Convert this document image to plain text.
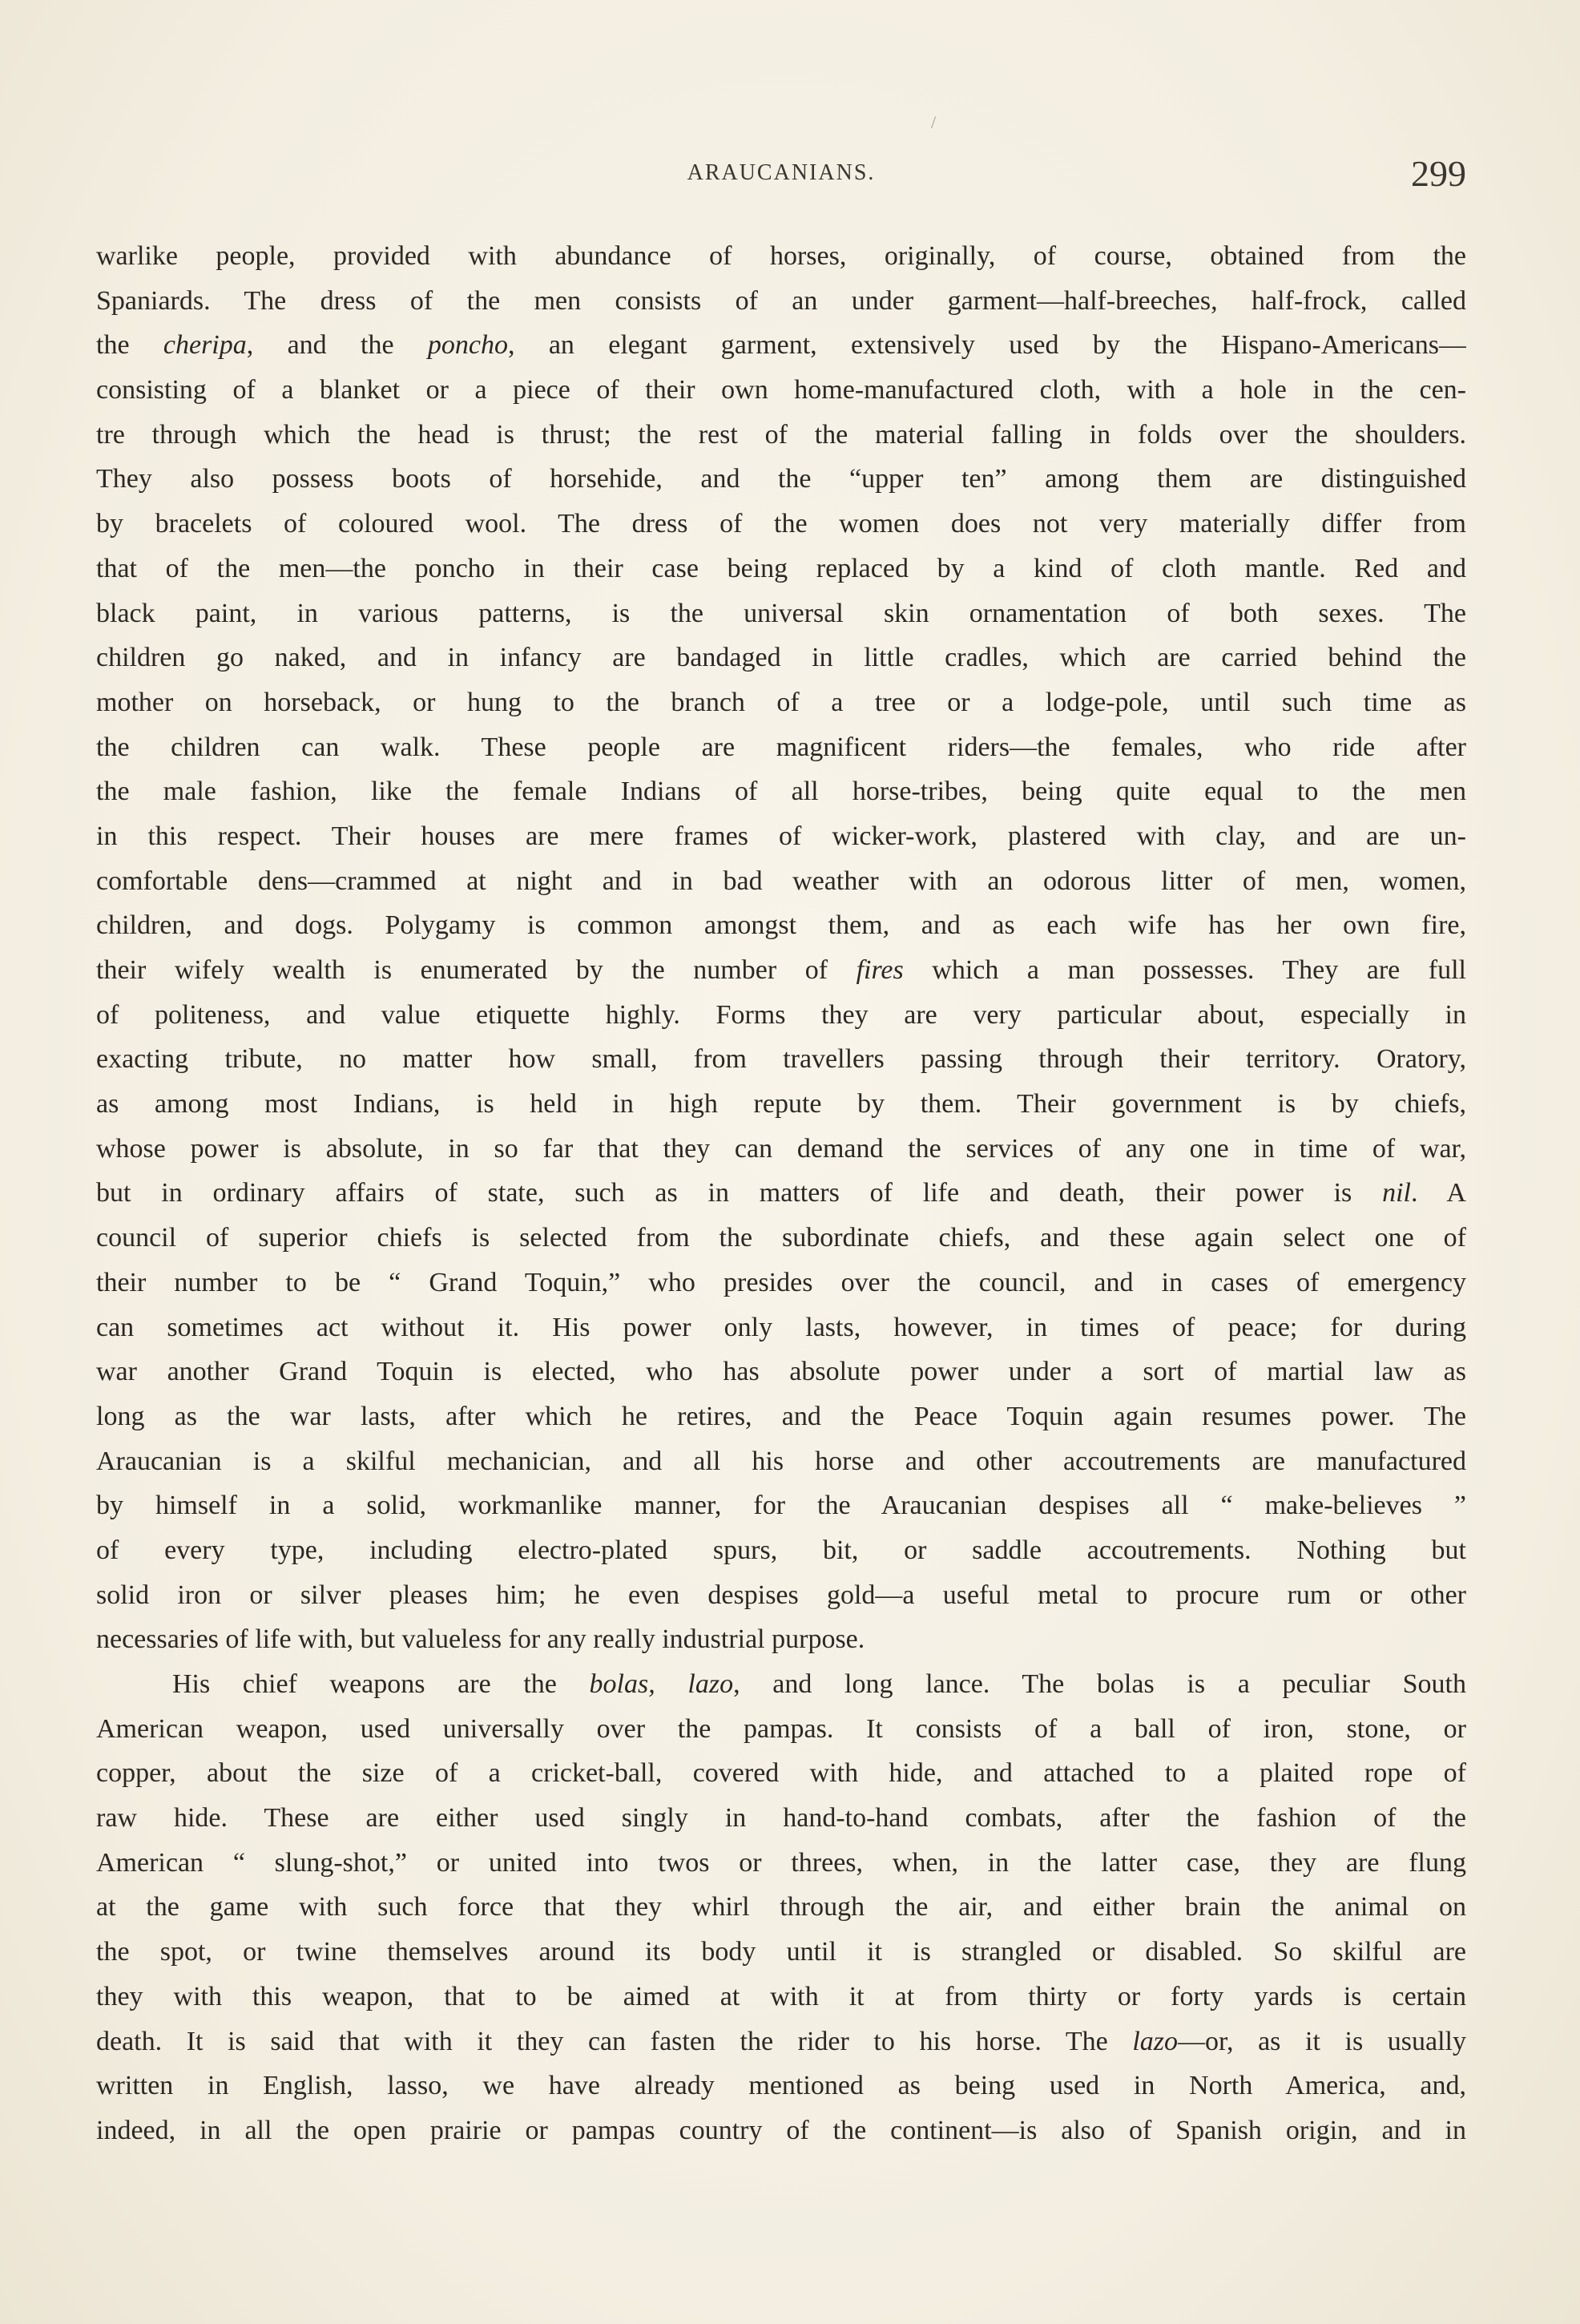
/
ARAUCANIANS.	299
warlike people, provided with abundance of horses, originally, of course, obtained from the
Spaniards. The dress of the men consists of an under garment—half-breeches, half-frock, called
the cheripa, and the poncho, an elegant garment, extensively used by the Hispano-Americans—
consisting of a blanket or a piece of their own home-manufactured cloth, with a hole in the cen-
tre through which the head is thrust; the rest of the material falling in folds over the shoulders.
They also possess boots of horsehide, and the “upper ten” among them are distinguished
by bracelets of coloured wool. The dress of the women does not very materially differ from
that of the men—the poncho in their case being replaced by a kind of cloth mantle. Red and
black paint, in various patterns, is the universal skin ornamentation of both sexes. The
children go naked, and in infancy are bandaged in little cradles, which are carried behind the
mother on horseback, or hung to the branch of a tree or a lodge-pole, until such time as
the children can walk. These people are magnificent riders—the females, who ride after
the male fashion, like the female Indians of all horse-tribes, being quite equal to the men
in this respect. Their houses are mere frames of wicker-work, plastered with clay, and are un-
comfortable dens—crammed at night and in bad weather with an odorous litter of men, women,
children, and dogs. Polygamy is common amongst them, and as each wife has her own fire,
their wifely wealth is enumerated by the number of fires which a man possesses. They are full
of politeness, and value etiquette highly. Forms they are very particular about, especially in
exacting tribute, no matter how small, from travellers passing through their territory. Oratory,
as among most Indians, is held in high repute by them. Their government is by chiefs,
whose power is absolute, in so far that they can demand the services of any one in time of war,
but in ordinary affairs of state, such as in matters of life and death, their power is nil. A
council of superior chiefs is selected from the subordinate chiefs, and these again select one of
their number to be “ Grand Toquin,” who presides over the council, and in cases of emergency
can sometimes act without it. His power only lasts, however, in times of peace; for during
war another Grand Toquin is elected, who has absolute power under a sort of martial law as
long as the war lasts, after which he retires, and the Peace Toquin again resumes power. The
Araucanian is a skilful mechanician, and all his horse and other accoutrements are manufactured
by himself in a solid, workmanlike manner, for the Araucanian despises all “ make-believes ”
of every type, including electro-plated spurs, bit, or saddle accoutrements. Nothing but
solid iron or silver pleases him; he even despises gold—a useful metal to procure rum or other
necessaries of life with, but valueless for any really industrial purpose.
His chief weapons are the bolas, lazo, and long lance. The bolas is a peculiar South
American weapon, used universally over the pampas. It consists of a ball of iron, stone, or
copper, about the size of a cricket-ball, covered with hide, and attached to a plaited rope of
raw hide. These are either used singly in hand-to-hand combats, after the fashion of the
American “ slung-shot,” or united into twos or threes, when, in the latter case, they are flung
at the game with such force that they whirl through the air, and either brain the animal on
the spot, or twine themselves around its body until it is strangled or disabled. So skilful are
they with this weapon, that to be aimed at with it at from thirty or forty yards is certain
death. It is said that with it they can fasten the rider to his horse. The lazo—or, as it is usually
written in English, lasso, we have already mentioned as being used in North America, and,
indeed, in all the open prairie or pampas country of the continent—is also of Spanish origin, and in
